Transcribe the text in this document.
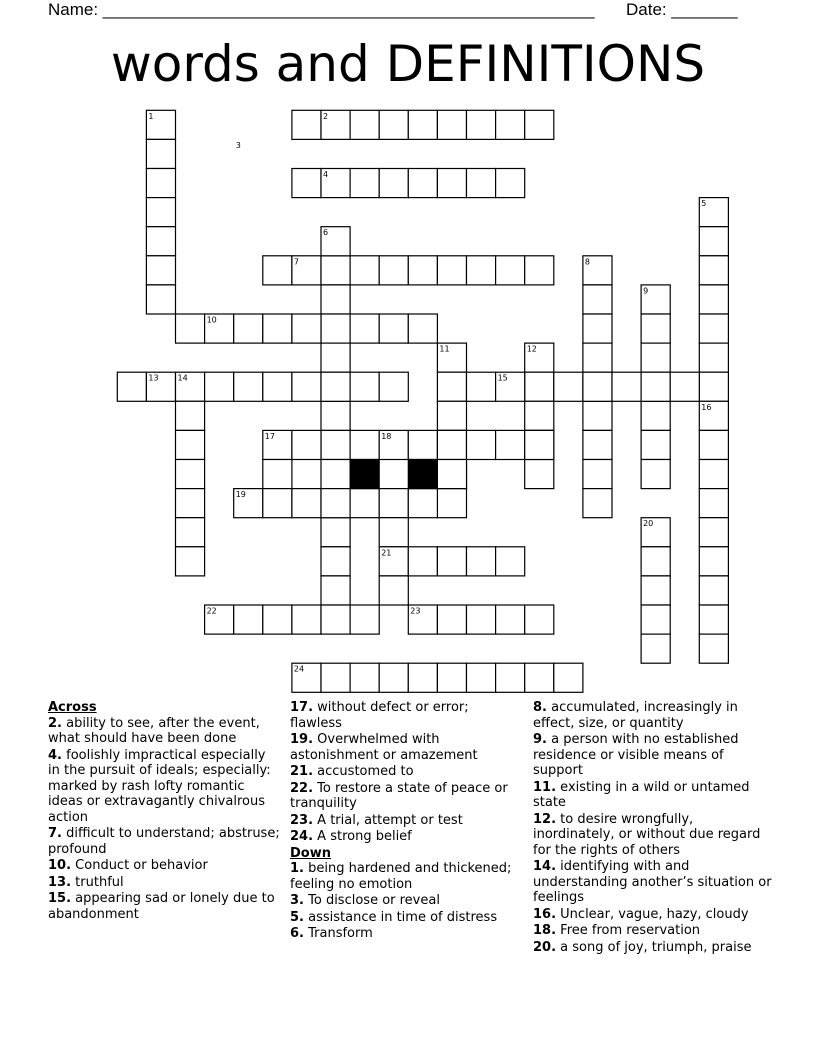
Name: ____________________________________________________ Date: _______
words and DEFINITIONS
1	2
3
4
5
6
7	8
9
10
11	12
13 14	15
16
17	18
19
20
21
22	23
24
Across
2. ability to see, after the event, what should have been done
4. foolishly impractical especially in the pursuit of ideals; especially: marked by rash lofty romantic ideas or extravagantly chivalrous action
7. difficult to understand; abstruse; profound
10. Conduct or behavior
13. truthful
15. appearing sad or lonely due to abandonment
17. without defect or error; flawless
19. Overwhelmed with astonishment or amazement
21. accustomed to
22. To restore a state of peace or tranquility
23. A trial, attempt or test
24. A strong belief
Down
1. being hardened and thickened; feeling no emotion
3. To disclose or reveal
5. assistance in time of distress
6. Transform
8. accumulated, increasingly in effect, size, or quantity
9. a person with no established residence or visible means of support
11. existing in a wild or untamed state
12. to desire wrongfully, inordinately, or without due regard for the rights of others
14. identifying with and understanding another’s situation or feelings
16. Unclear, vague, hazy, cloudy
18. Free from reservation
20. a song of joy, triumph, praise
